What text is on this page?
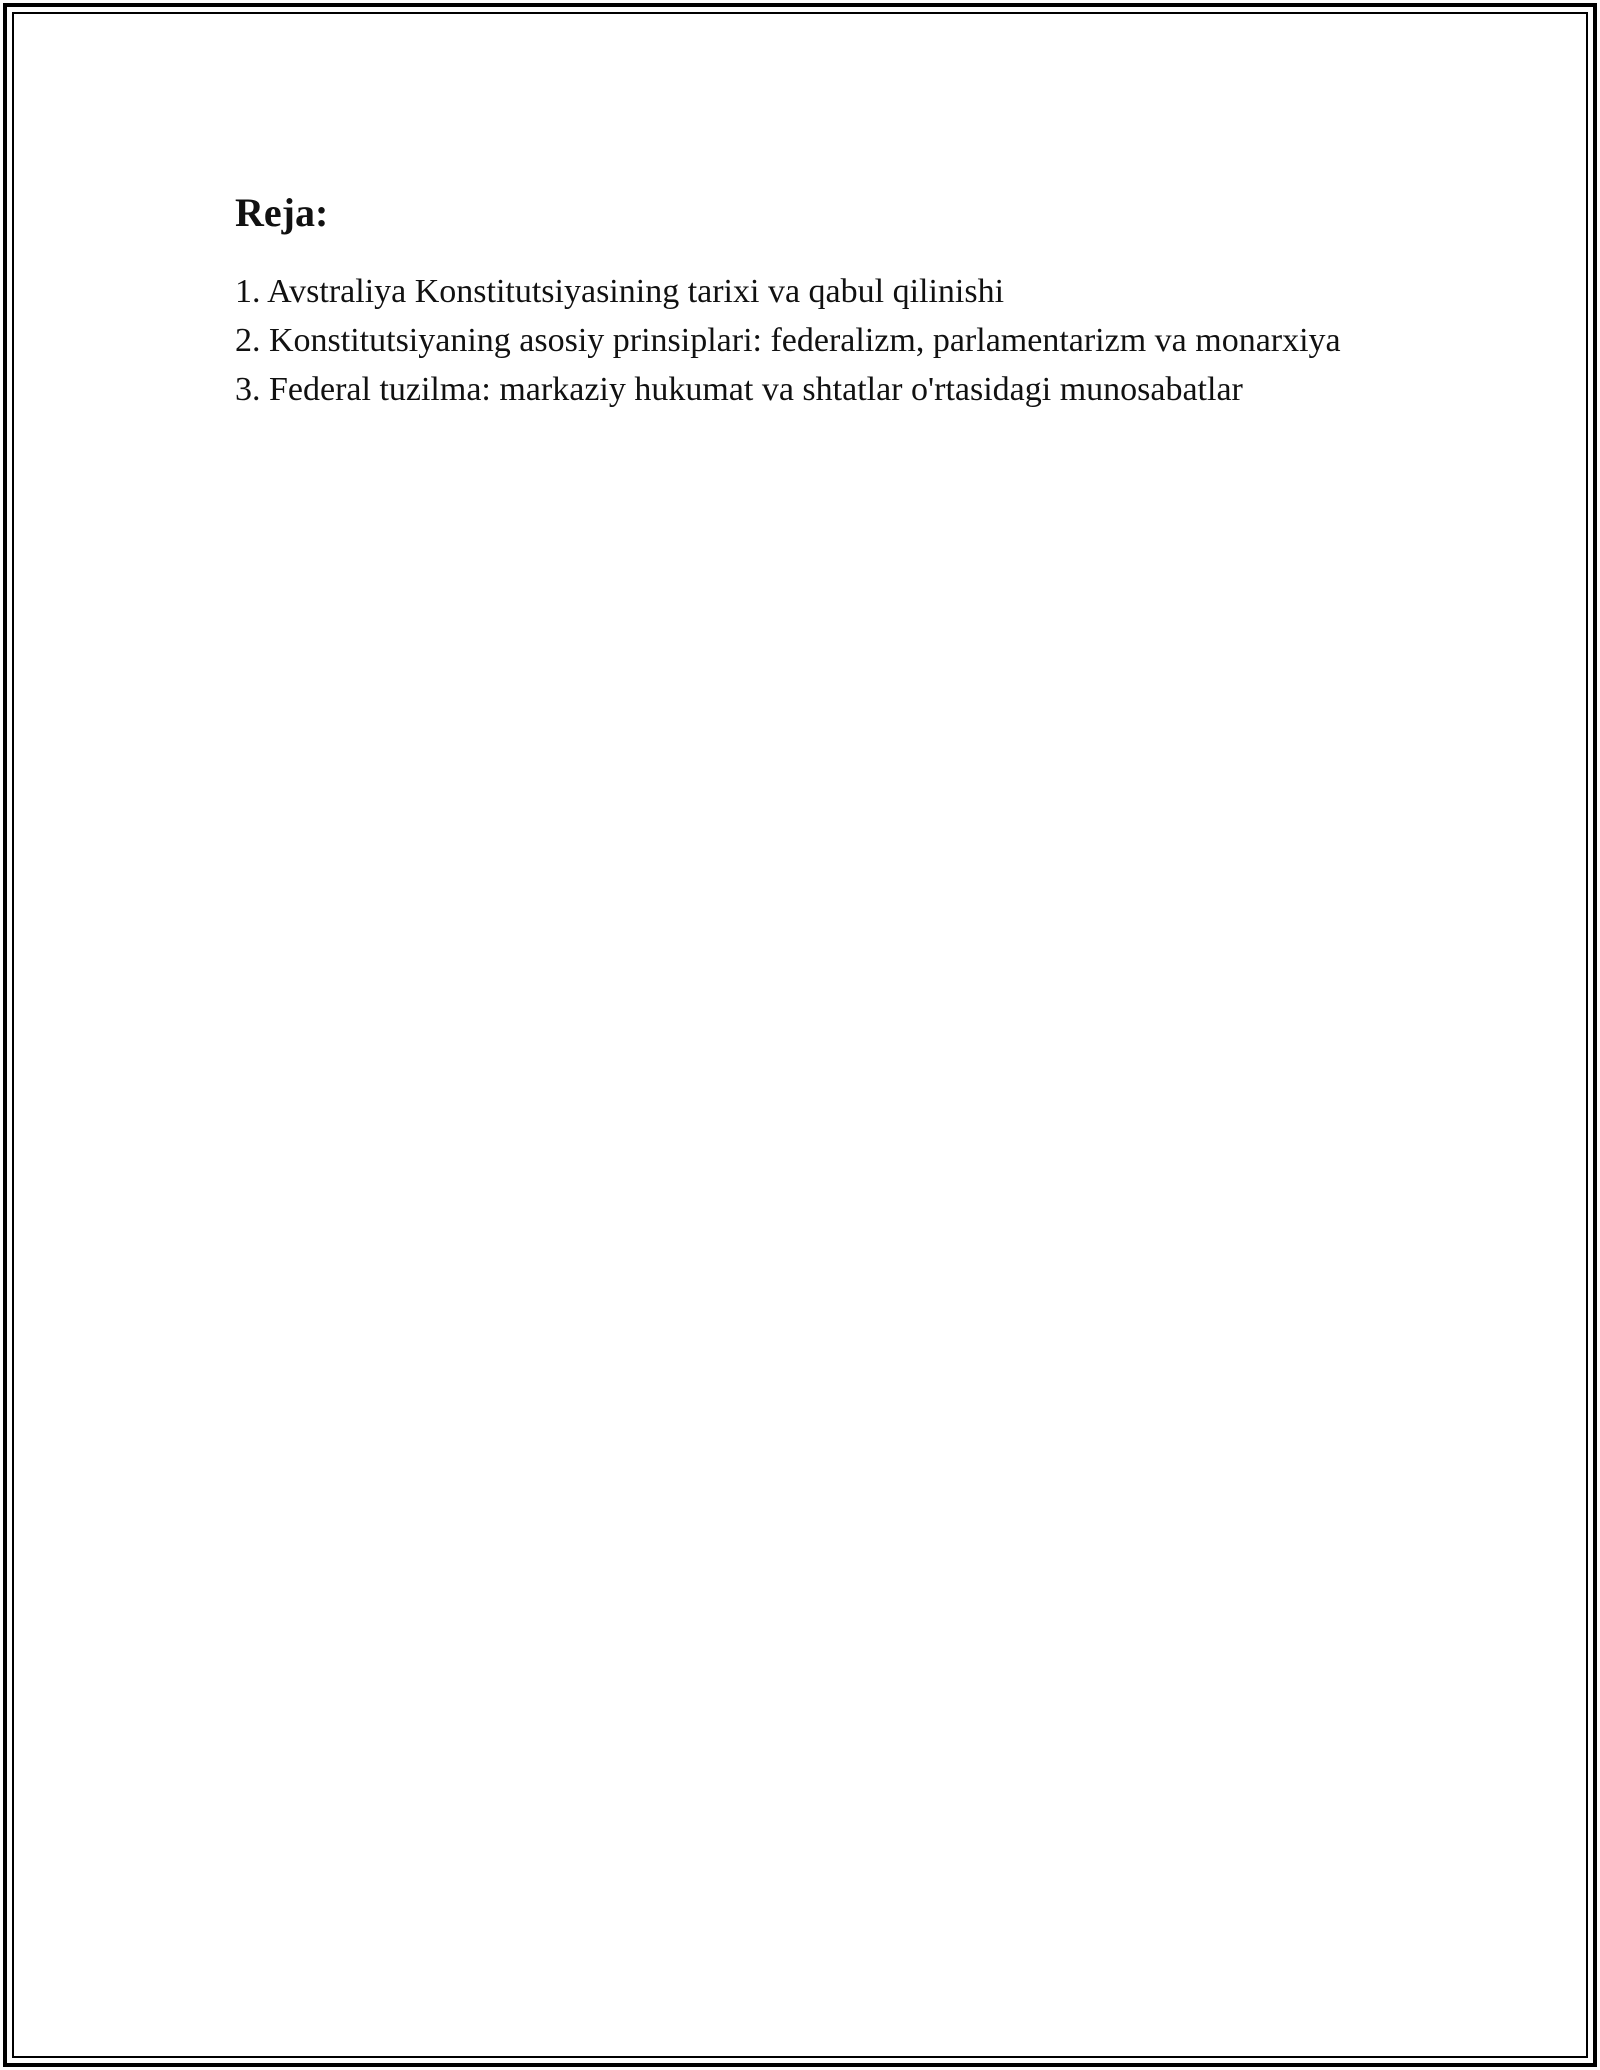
Reja:
1. Avstraliya Konstitutsiyasining tarixi va qabul qilinishi
2. Konstitutsiyaning asosiy prinsiplari: federalizm, parlamentarizm va monarxiya
3. Federal tuzilma: markaziy hukumat va shtatlar o'rtasidagi munosabatlar
